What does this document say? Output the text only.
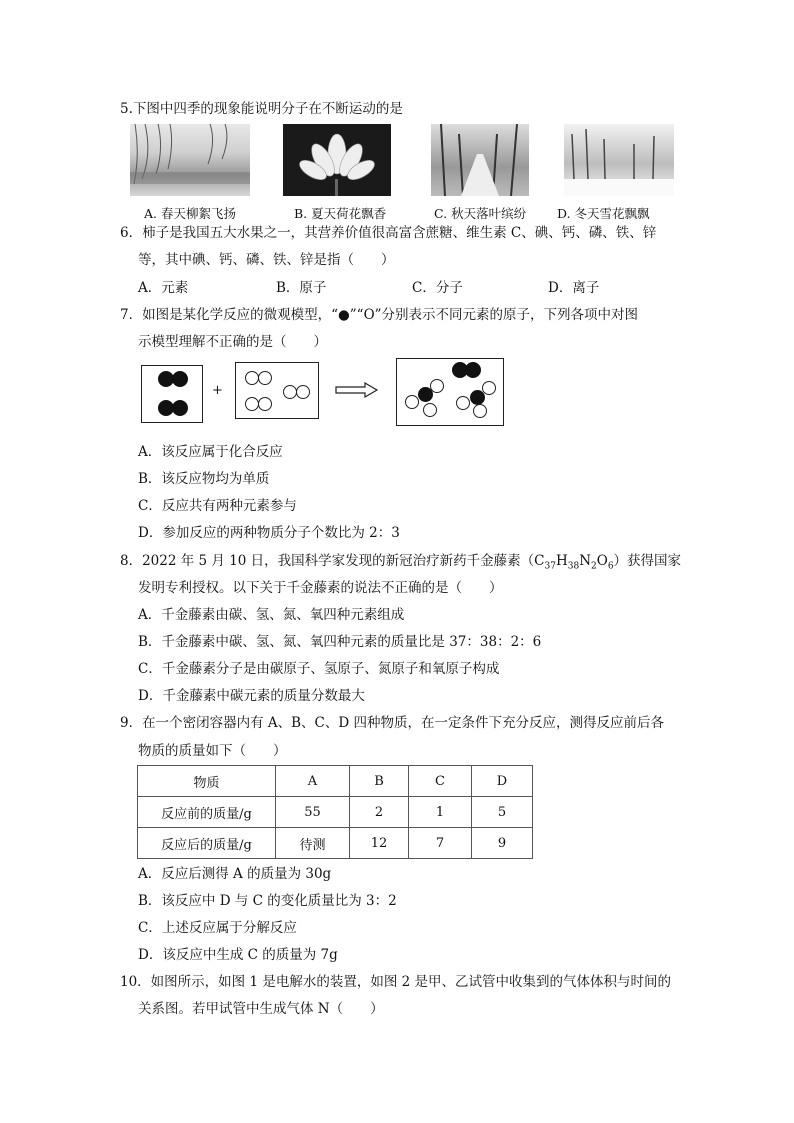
5.下图中四季的现象能说明分子在不断运动的是
A. 春天柳絮飞扬	B. 夏天荷花飘香	C. 秋天落叶缤纷 D. 冬天雪花飘飘
6．柿子是我国五大水果之一，其营养价值很高富含蔗糖、维生素 C、碘、钙、磷、铁、锌
等，其中碘、钙、磷、铁、锌是指（　　）
A．元素	B．原子	C．分子	D．离子
7．如图是某化学反应的微观模型，“●”“O”分别表示不同元素的原子，下列各项中对图
示模型理解不正确的是（　　）
+
A．该反应属于化合反应
B．该反应物均为单质
C．反应共有两种元素参与
D．参加反应的两种物质分子个数比为 2：3
8．2022 年 5 月 10 日，我国科学家发现的新冠治疗新药千金藤素$(C_{37}H_{38}N_2O_6)$获得国家
发明专利授权。以下关于千金藤素的说法不正确的是（　　）
A．千金藤素由碳、氢、氮、氧四种元素组成
B．千金藤素中碳、氢、氮、氧四种元素的质量比是 37：38：2：6
C．千金藤素分子是由碳原子、氢原子、氮原子和氧原子构成
D．千金藤素中碳元素的质量分数最大
9．在一个密闭容器内有 A、B、C、D 四种物质，在一定条件下充分反应，测得反应前后各
物质的质量如下（　　）
物质	A	B	C	D
反应前的质量/g	55	2	1	5
反应后的质量/g	待测	12	7	9
A．反应后测得 A 的质量为 30g
B．该反应中 D 与 C 的变化质量比为 3：2
C．上述反应属于分解反应
D．该反应中生成 C 的质量为 7g
10．如图所示，如图 1 是电解水的装置，如图 2 是甲、乙试管中收集到的气体体积与时间的
关系图。若甲试管中生成气体 N（　　）
